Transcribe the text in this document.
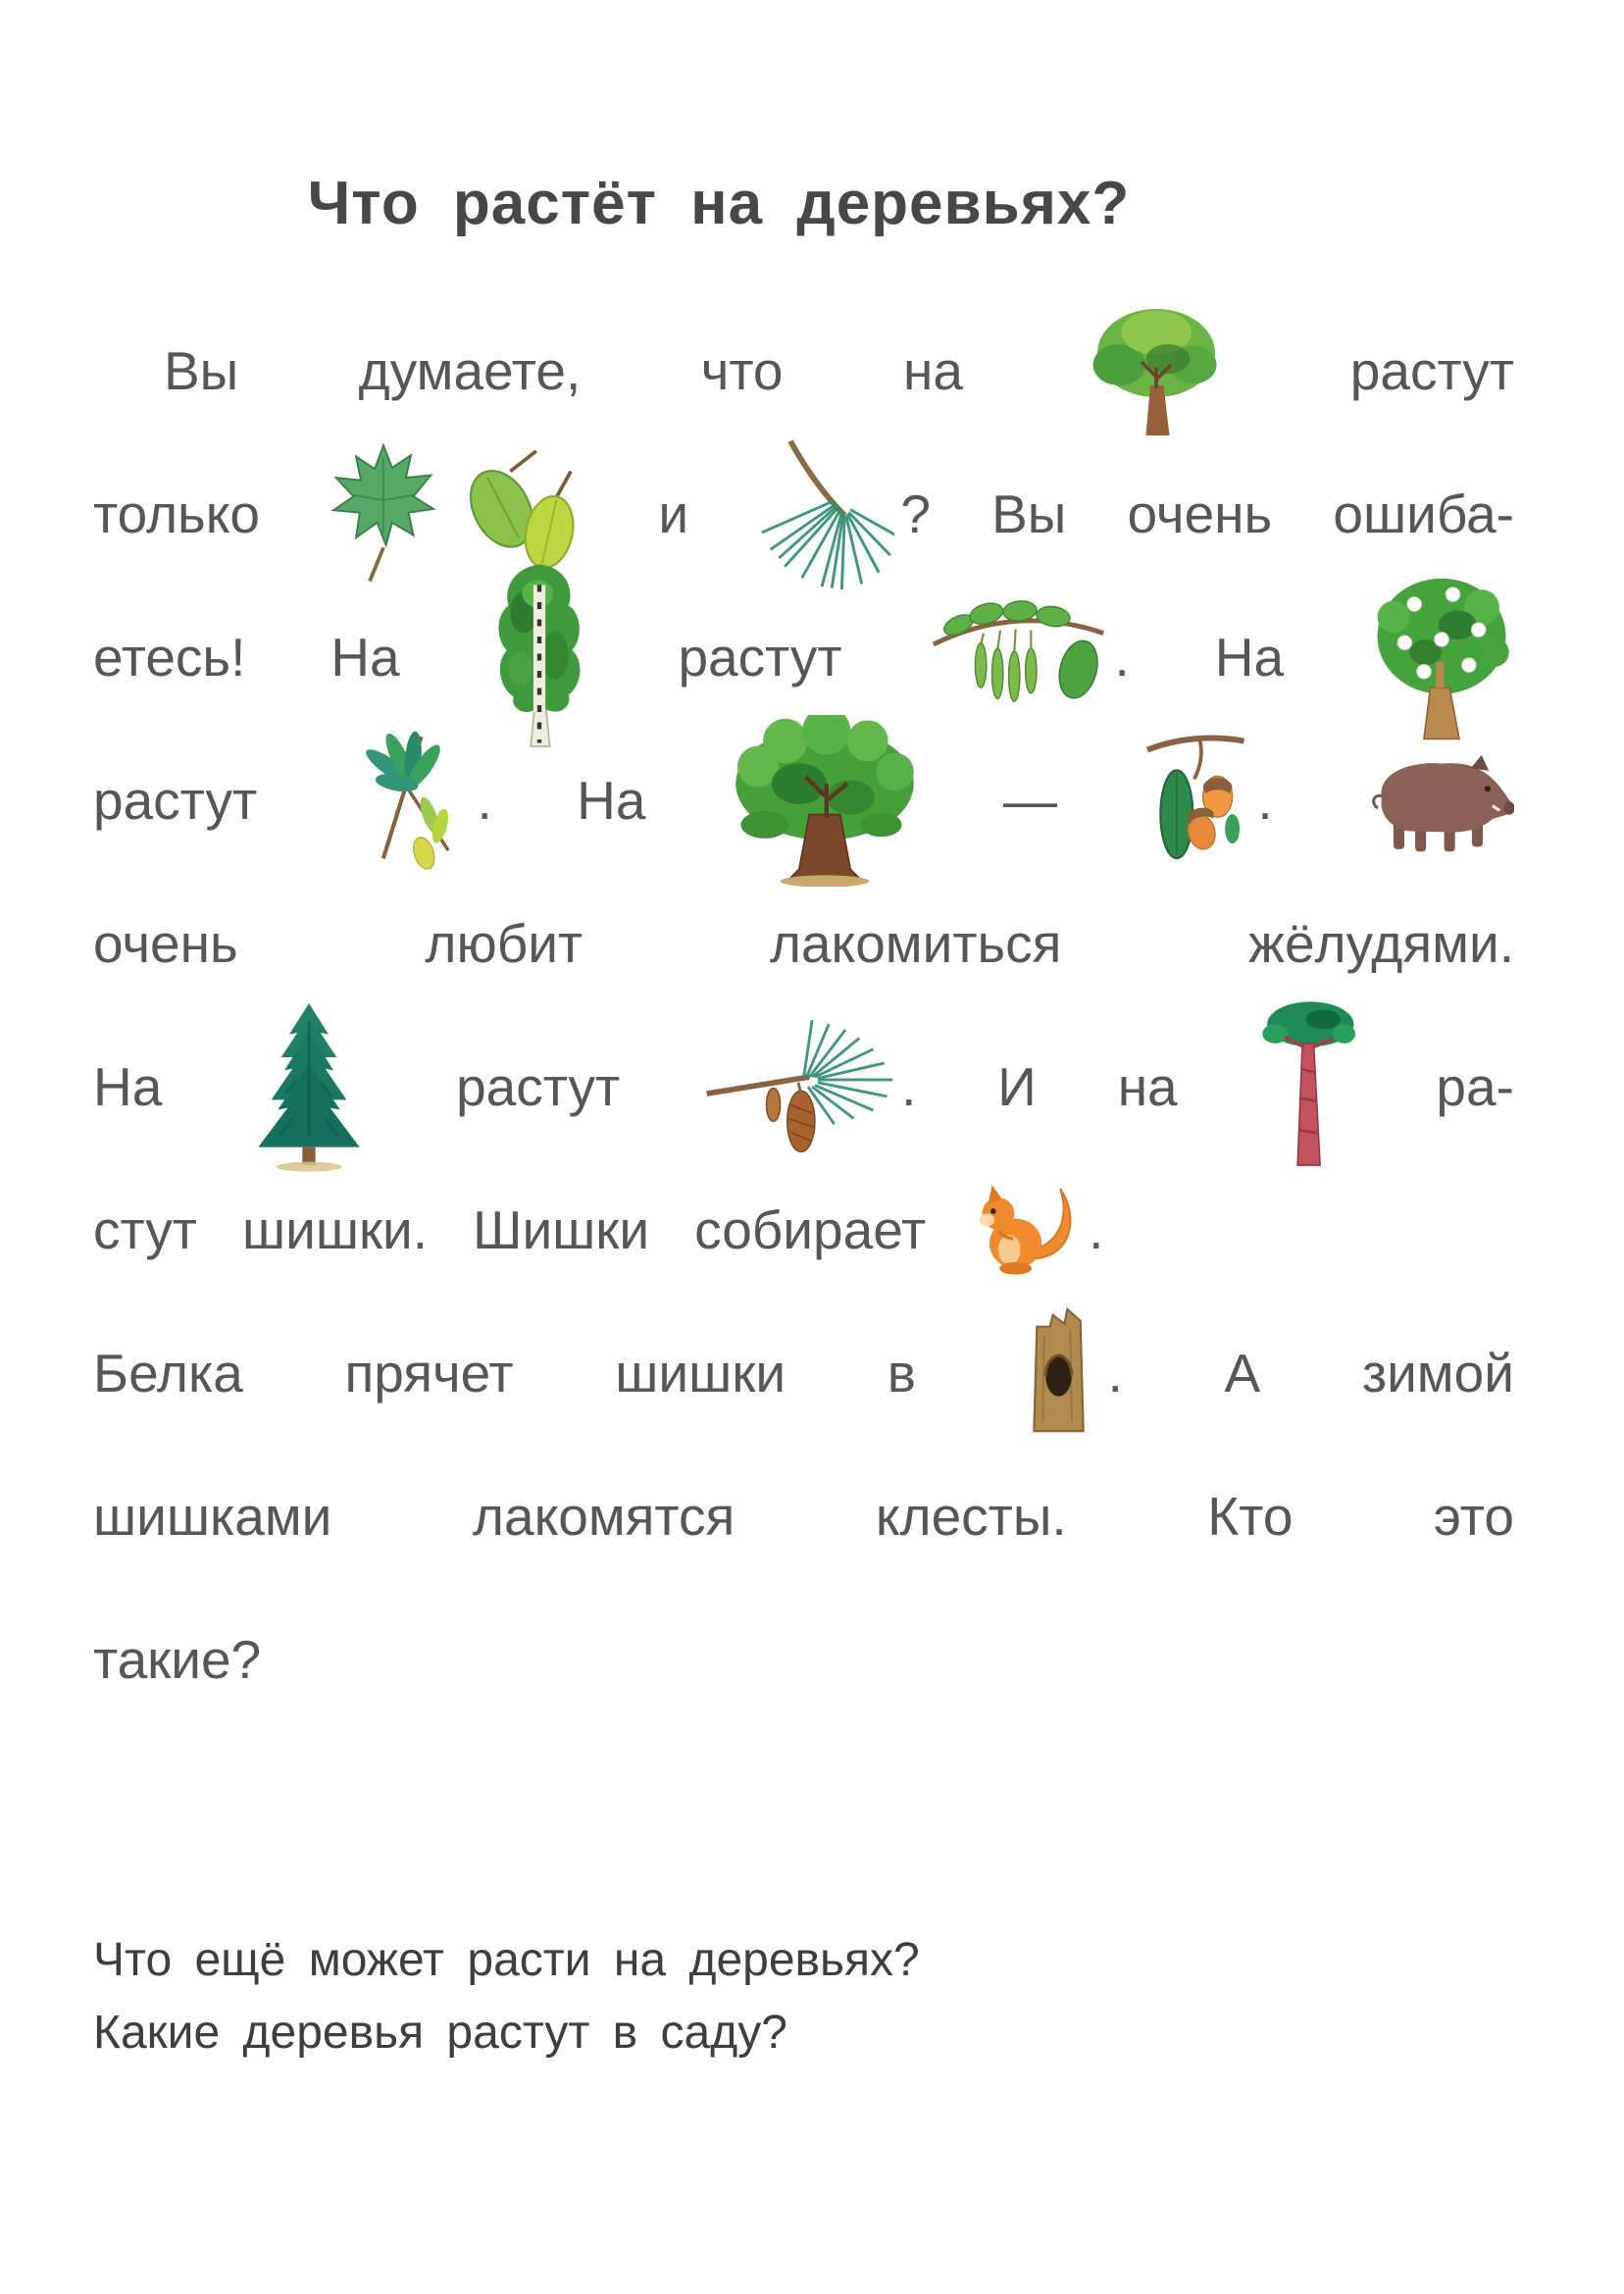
Что растёт на деревьях?
Вы думаете, что на	растут
только	и	? Вы очень ошиба-
етесь! На	растут	. На
растут	. На	—	.
очень	любит	лакомиться	жёлудями.
На	растут	. И на	ра-
стут шишки. Шишки собирает	.
Белка прячет шишки в	. А зимой
шишками	лакомятся	клесты.	Кто	это
такие?
Что ещё может расти на деревьях?
Какие деревья растут в саду?
